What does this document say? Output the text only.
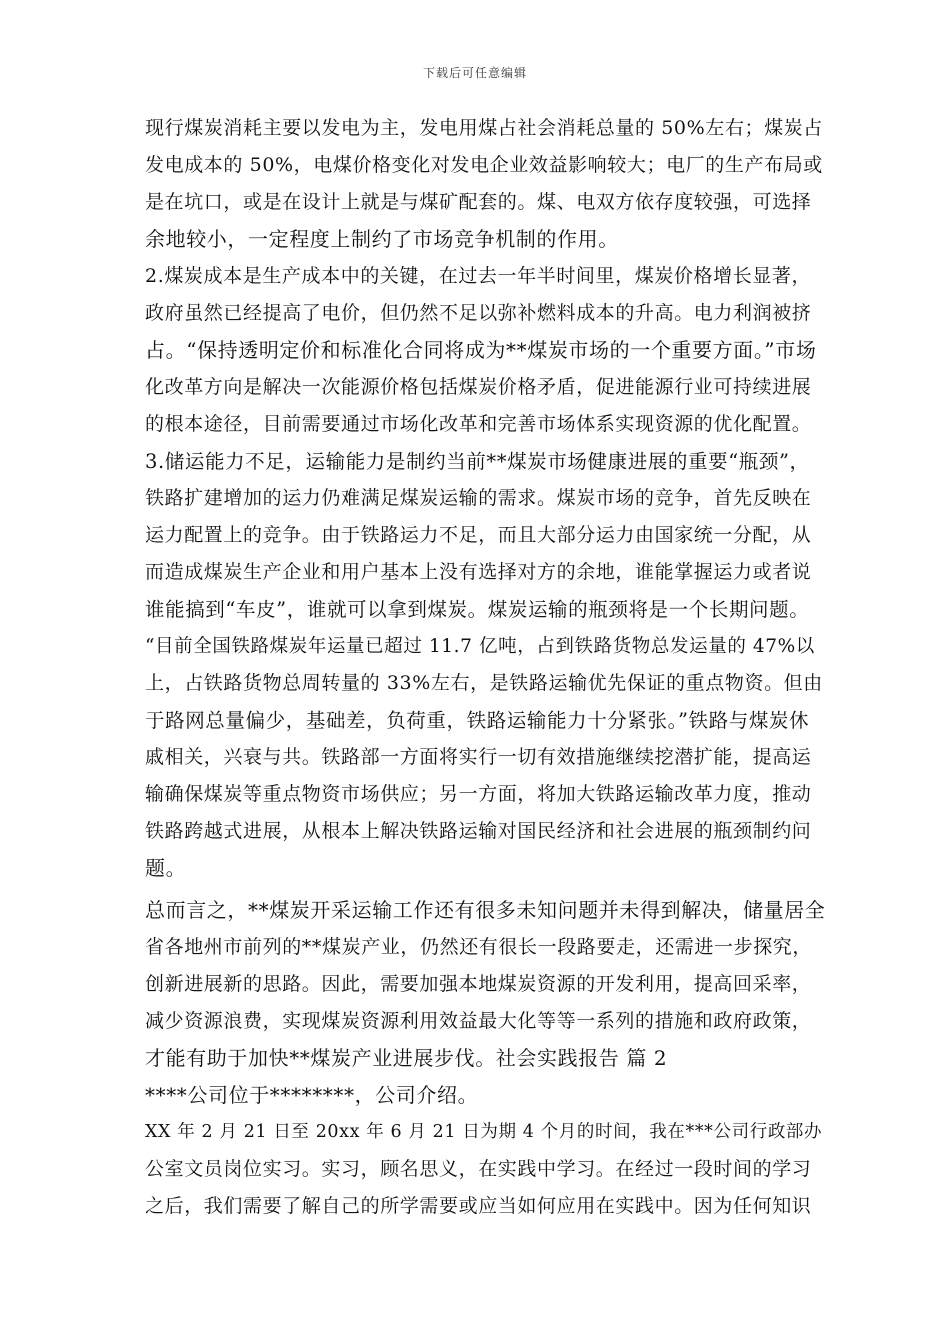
下载后可任意编辑
现行煤炭消耗主要以发电为主，发电用煤占社会消耗总量的 50%左右；煤炭占
发电成本的 50%，电煤价格变化对发电企业效益影响较大；电厂的生产布局或
是在坑口，或是在设计上就是与煤矿配套的。煤、电双方依存度较强，可选择
余地较小，一定程度上制约了市场竞争机制的作用。
2.煤炭成本是生产成本中的关键，在过去一年半时间里，煤炭价格增长显著，
政府虽然已经提高了电价，但仍然不足以弥补燃料成本的升高。电力利润被挤
占。“保持透明定价和标准化合同将成为**煤炭市场的一个重要方面。”市场
化改革方向是解决一次能源价格包括煤炭价格矛盾，促进能源行业可持续进展
的根本途径，目前需要通过市场化改革和完善市场体系实现资源的优化配置。
3.储运能力不足，运输能力是制约当前**煤炭市场健康进展的重要“瓶颈”，
铁路扩建增加的运力仍难满足煤炭运输的需求。煤炭市场的竞争，首先反映在
运力配置上的竞争。由于铁路运力不足，而且大部分运力由国家统一分配，从
而造成煤炭生产企业和用户基本上没有选择对方的余地，谁能掌握运力或者说
谁能搞到“车皮”，谁就可以拿到煤炭。煤炭运输的瓶颈将是一个长期问题。
“目前全国铁路煤炭年运量已超过 11.7 亿吨，占到铁路货物总发运量的 47%以
上，占铁路货物总周转量的 33%左右，是铁路运输优先保证的重点物资。但由
于路网总量偏少，基础差，负荷重，铁路运输能力十分紧张。”铁路与煤炭休
戚相关，兴衰与共。铁路部一方面将实行一切有效措施继续挖潜扩能，提高运
输确保煤炭等重点物资市场供应；另一方面，将加大铁路运输改革力度，推动
铁路跨越式进展，从根本上解决铁路运输对国民经济和社会进展的瓶颈制约问
题。
总而言之，**煤炭开采运输工作还有很多未知问题并未得到解决，储量居全
省各地州市前列的**煤炭产业，仍然还有很长一段路要走，还需进一步探究，
创新进展新的思路。因此，需要加强本地煤炭资源的开发利用，提高回采率，
减少资源浪费，实现煤炭资源利用效益最大化等等一系列的措施和政府政策，
才能有助于加快**煤炭产业进展步伐。社会实践报告 篇 2
****公司位于********，公司介绍。
XX 年 2 月 21 日至 20xx 年 6 月 21 日为期 4 个月的时间，我在***公司行政部办
公室文员岗位实习。实习，顾名思义，在实践中学习。在经过一段时间的学习
之后，我们需要了解自己的所学需要或应当如何应用在实践中。因为任何知识
